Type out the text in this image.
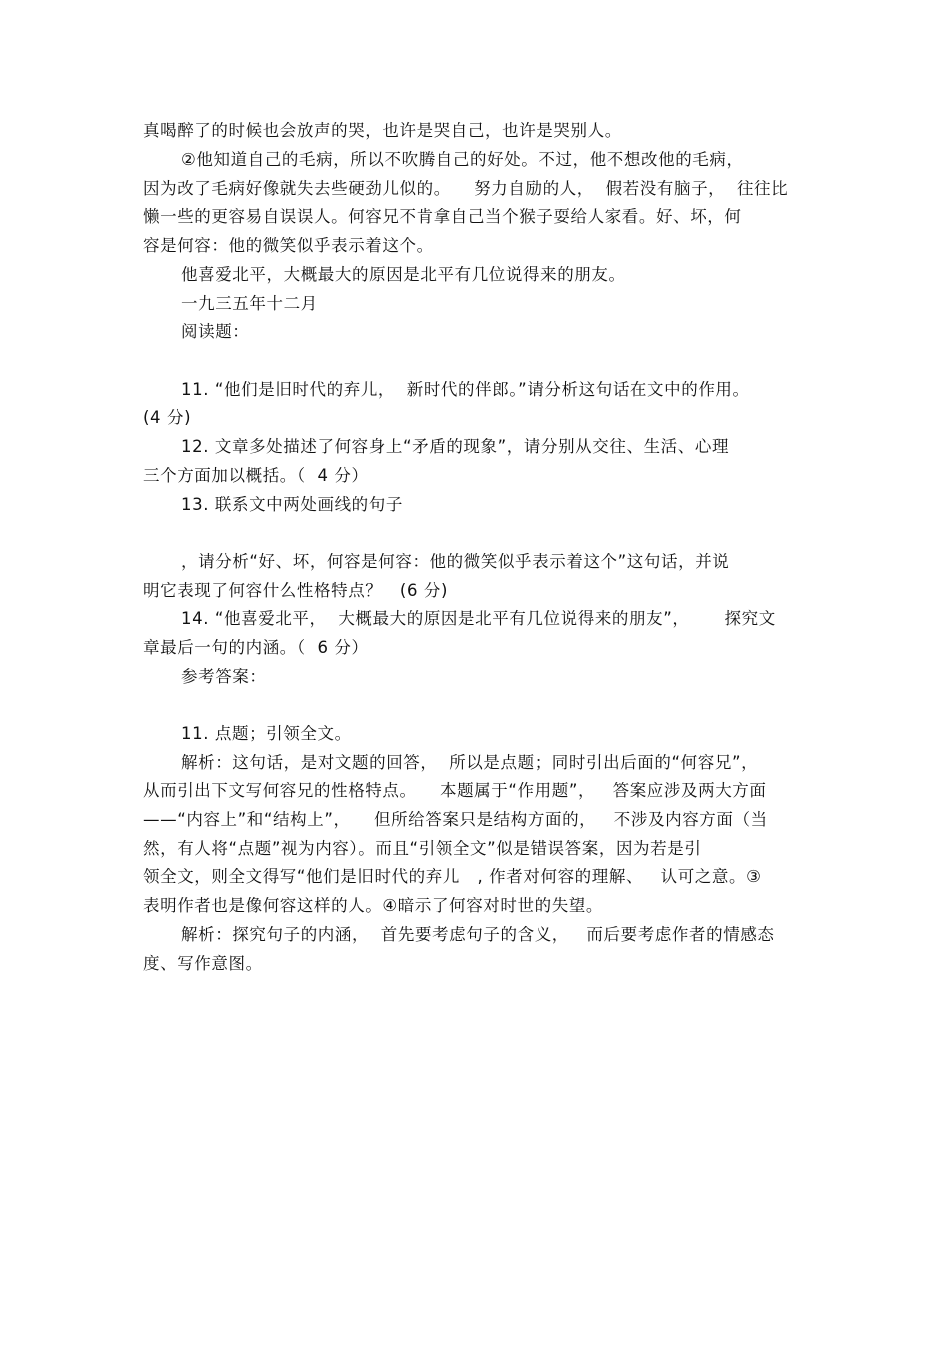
真喝醉了的时候也会放声的哭，也许是哭自己，也许是哭别人。
②他知道自己的毛病，所以不吹腾自己的好处。不过，他不想改他的毛病，
因为改了毛病好像就失去些硬劲儿似的。    努力自励的人，  假若没有脑子，  往往比
懒一些的更容易自误误人。何容兄不肯拿自己当个猴子耍给人家看。好、坏，何
容是何容：他的微笑似乎表示着这个。
他喜爱北平，大概最大的原因是北平有几位说得来的朋友。
一九三五年十二月
阅读题：
11. “他们是旧时代的弃儿，  新时代的伴郎。”请分析这句话在文中的作用。
(4 分)
12. 文章多处描述了何容身上“矛盾的现象”，请分别从交往、生活、心理
三个方面加以概括。（  4 分）
13. 联系文中两处画线的句子
，请分析“好、坏，何容是何容：他的微笑似乎表示着这个”这句话，并说
明它表现了何容什么性格特点？   (6 分)
14. “他喜爱北平，  大概最大的原因是北平有几位说得来的朋友”，      探究文
章最后一句的内涵。（  6 分）
参考答案：
11. 点题；引领全文。
解析：这句话，是对文题的回答，  所以是点题；同时引出后面的“何容兄”，
从而引出下文写何容兄的性格特点。    本题属于“作用题”，   答案应涉及两大方面
——“内容上”和“结构上”，    但所给答案只是结构方面的，   不涉及内容方面（当
然，有人将“点题”视为内容）。而且“引领全文”似是错误答案，因为若是引
领全文，则全文得写“他们是旧时代的弃儿   , 作者对何容的理解、   认可之意。③
表明作者也是像何容这样的人。④暗示了何容对时世的失望。
解析：探究句子的内涵，  首先要考虑句子的含义，   而后要考虑作者的情感态
度、写作意图。
